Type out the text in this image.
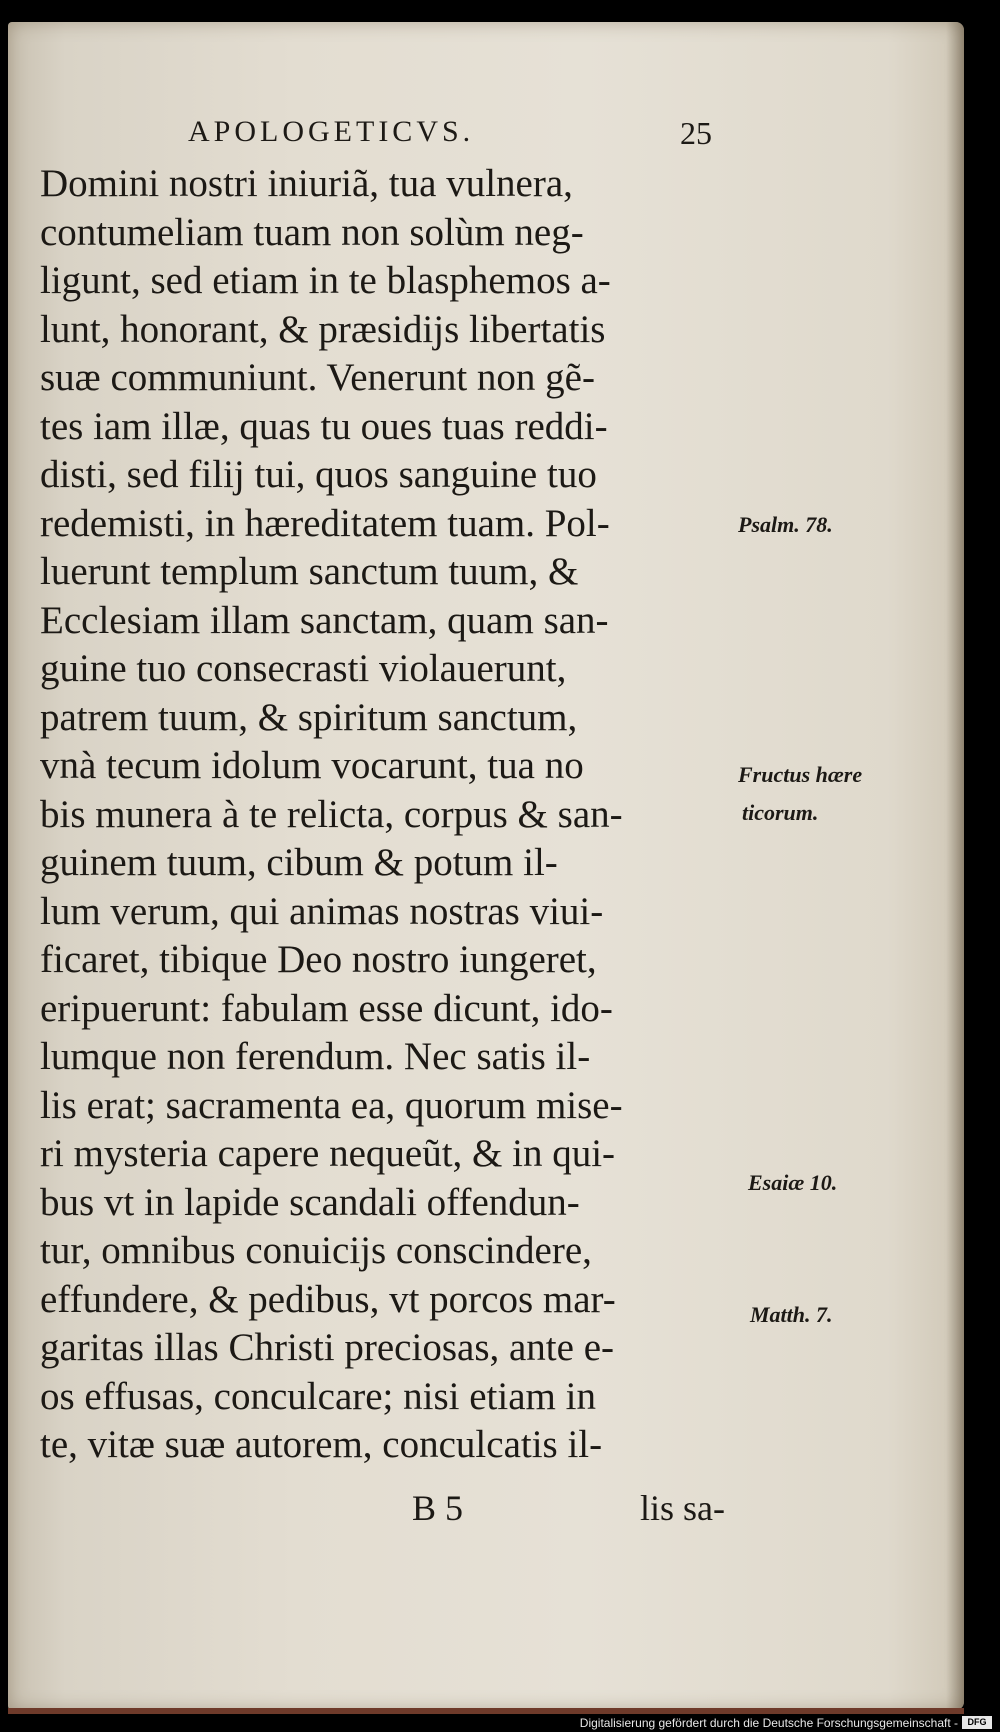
APOLOGETICVS.	25
Domini nostri iniuriã, tua vulnera,
contumeliam tuam non solùm neg-
ligunt, sed etiam in te blasphemos a-
lunt, honorant, & præsidijs libertatis
suæ communiunt. Venerunt non gẽ-
tes iam illæ, quas tu oues tuas reddi-
disti, sed filij tui, quos sanguine tuo
redemisti, in hæreditatem tuam. Pol-
luerunt templum sanctum tuum, &
Ecclesiam illam sanctam, quam san-
guine tuo consecrasti violauerunt,
patrem tuum, & spiritum sanctum,
vnà tecum idolum vocarunt, tua no
bis munera à te relicta, corpus & san-
guinem tuum, cibum & potum il-
lum verum, qui animas nostras viui-
ficaret, tibique Deo nostro iungeret,
eripuerunt: fabulam esse dicunt, ido-
lumque non ferendum. Nec satis il-
lis erat; sacramenta ea, quorum mise-
ri mysteria capere nequeũt, & in qui-
bus vt in lapide scandali offendun-
tur, omnibus conuicijs conscindere,
effundere, & pedibus, vt porcos mar-
garitas illas Christi preciosas, ante e-
os effusas, conculcare; nisi etiam in
te, vitæ suæ autorem, conculcatis il-
Psalm. 78.
Fructus hære
ticorum.
Esaiæ 10.
Matth. 7.
B 5	lis sa-
Digitalisierung gefördert durch die Deutsche Forschungsgemeinschaft -	DFG
